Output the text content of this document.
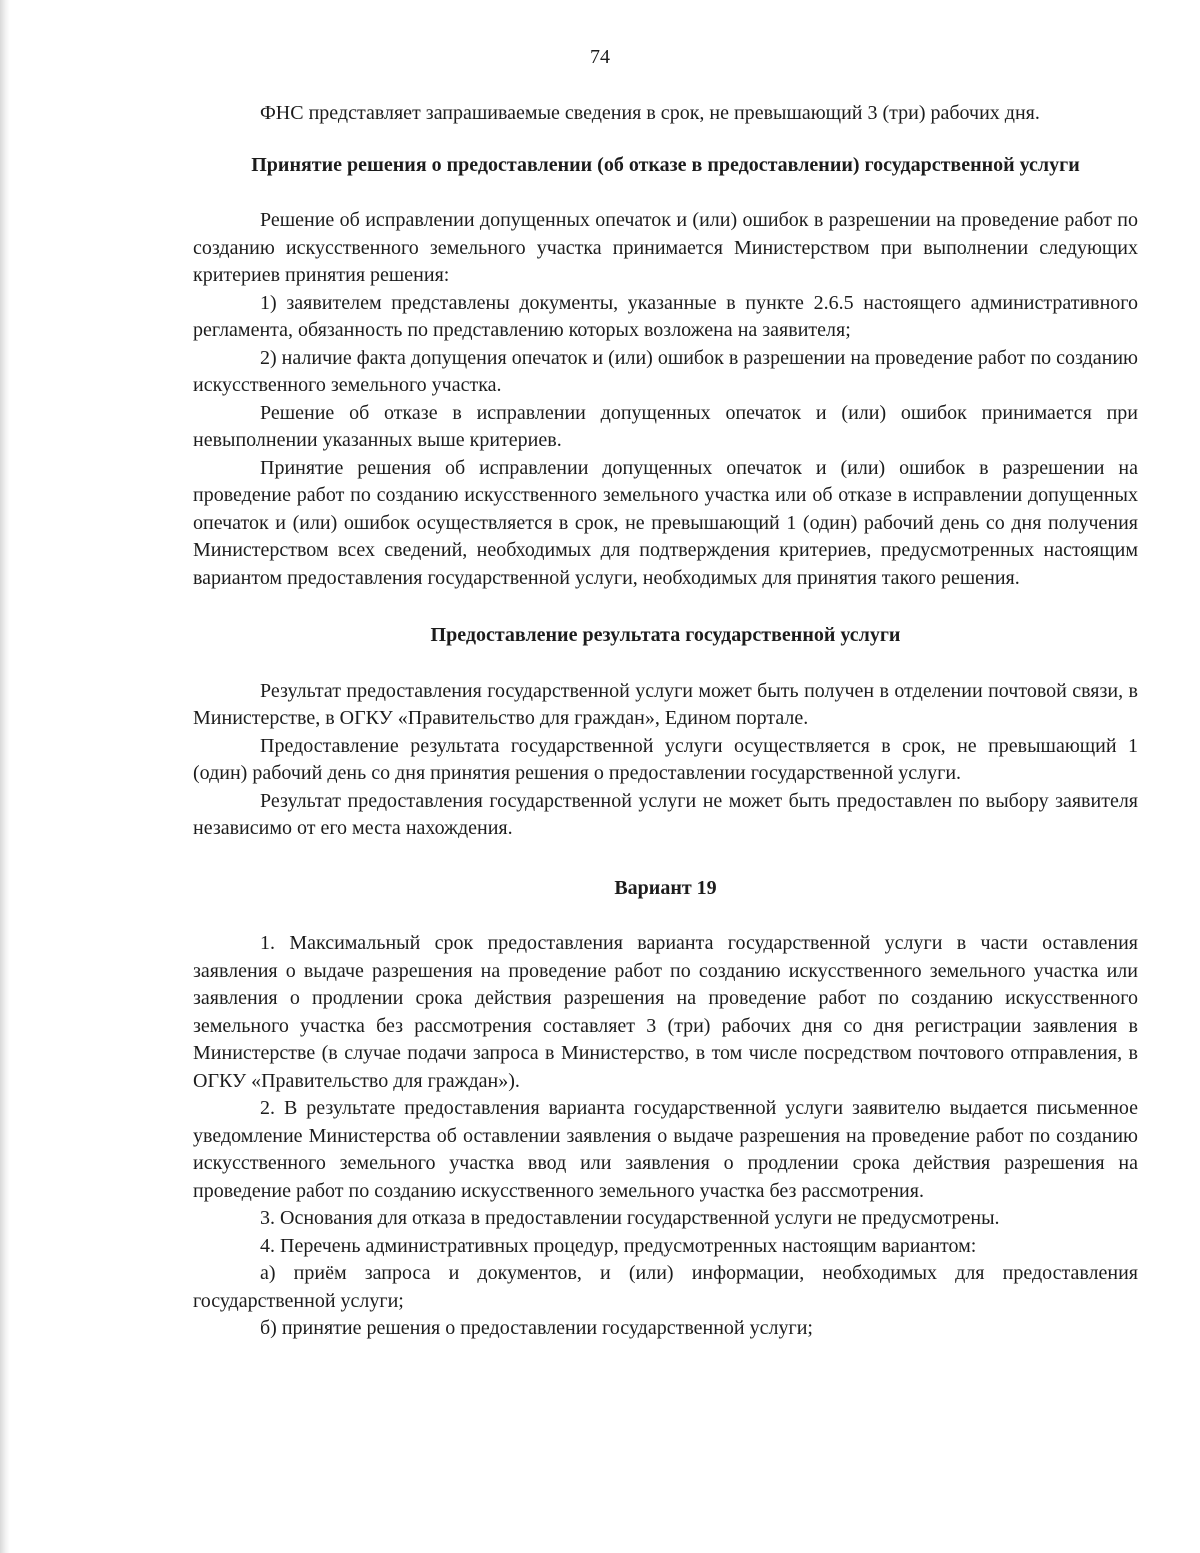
74

ФНС представляет запрашиваемые сведения в срок, не превышающий 3 (три) рабочих дня.

Принятие решения о предоставлении (об отказе в предоставлении) государственной услуги

Решение об исправлении допущенных опечаток и (или) ошибок в разрешении на проведение работ по созданию искусственного земельного участка принимается Министерством при выполнении следующих критериев принятия решения:

1) заявителем представлены документы, указанные в пункте 2.6.5 настоящего административного регламента, обязанность по представлению которых возложена на заявителя;

2) наличие факта допущения опечаток и (или) ошибок в разрешении на проведение работ по созданию искусственного земельного участка.

Решение об отказе в исправлении допущенных опечаток и (или) ошибок принимается при невыполнении указанных выше критериев.

Принятие решения об исправлении допущенных опечаток и (или) ошибок в разрешении на проведение работ по созданию искусственного земельного участка или об отказе в исправлении допущенных опечаток и (или) ошибок осуществляется в срок, не превышающий 1 (один) рабочий день со дня получения Министерством всех сведений, необходимых для подтверждения критериев, предусмотренных настоящим вариантом предоставления государственной услуги, необходимых для принятия такого решения.

Предоставление результата государственной услуги

Результат предоставления государственной услуги может быть получен в отделении почтовой связи, в Министерстве, в ОГКУ «Правительство для граждан», Едином портале.

Предоставление результата государственной услуги осуществляется в срок, не превышающий 1 (один) рабочий день со дня принятия решения о предоставлении государственной услуги.

Результат предоставления государственной услуги не может быть предоставлен по выбору заявителя независимо от его места нахождения.

Вариант 19

1. Максимальный срок предоставления варианта государственной услуги в части оставления заявления о выдаче разрешения на проведение работ по созданию искусственного земельного участка или заявления о продлении срока действия разрешения на проведение работ по созданию искусственного земельного участка без рассмотрения составляет 3 (три) рабочих дня со дня регистрации заявления в Министерстве (в случае подачи запроса в Министерство, в том числе посредством почтового отправления, в ОГКУ «Правительство для граждан»).

2. В результате предоставления варианта государственной услуги заявителю выдается письменное уведомление Министерства об оставлении заявления о выдаче разрешения на проведение работ по созданию искусственного земельного участка ввод или заявления о продлении срока действия разрешения на проведение работ по созданию искусственного земельного участка без рассмотрения.

3. Основания для отказа в предоставлении государственной услуги не предусмотрены.

4. Перечень административных процедур, предусмотренных настоящим вариантом:

а) приём запроса и документов, и (или) информации, необходимых для предоставления государственной услуги;

б) принятие решения о предоставлении государственной услуги;
